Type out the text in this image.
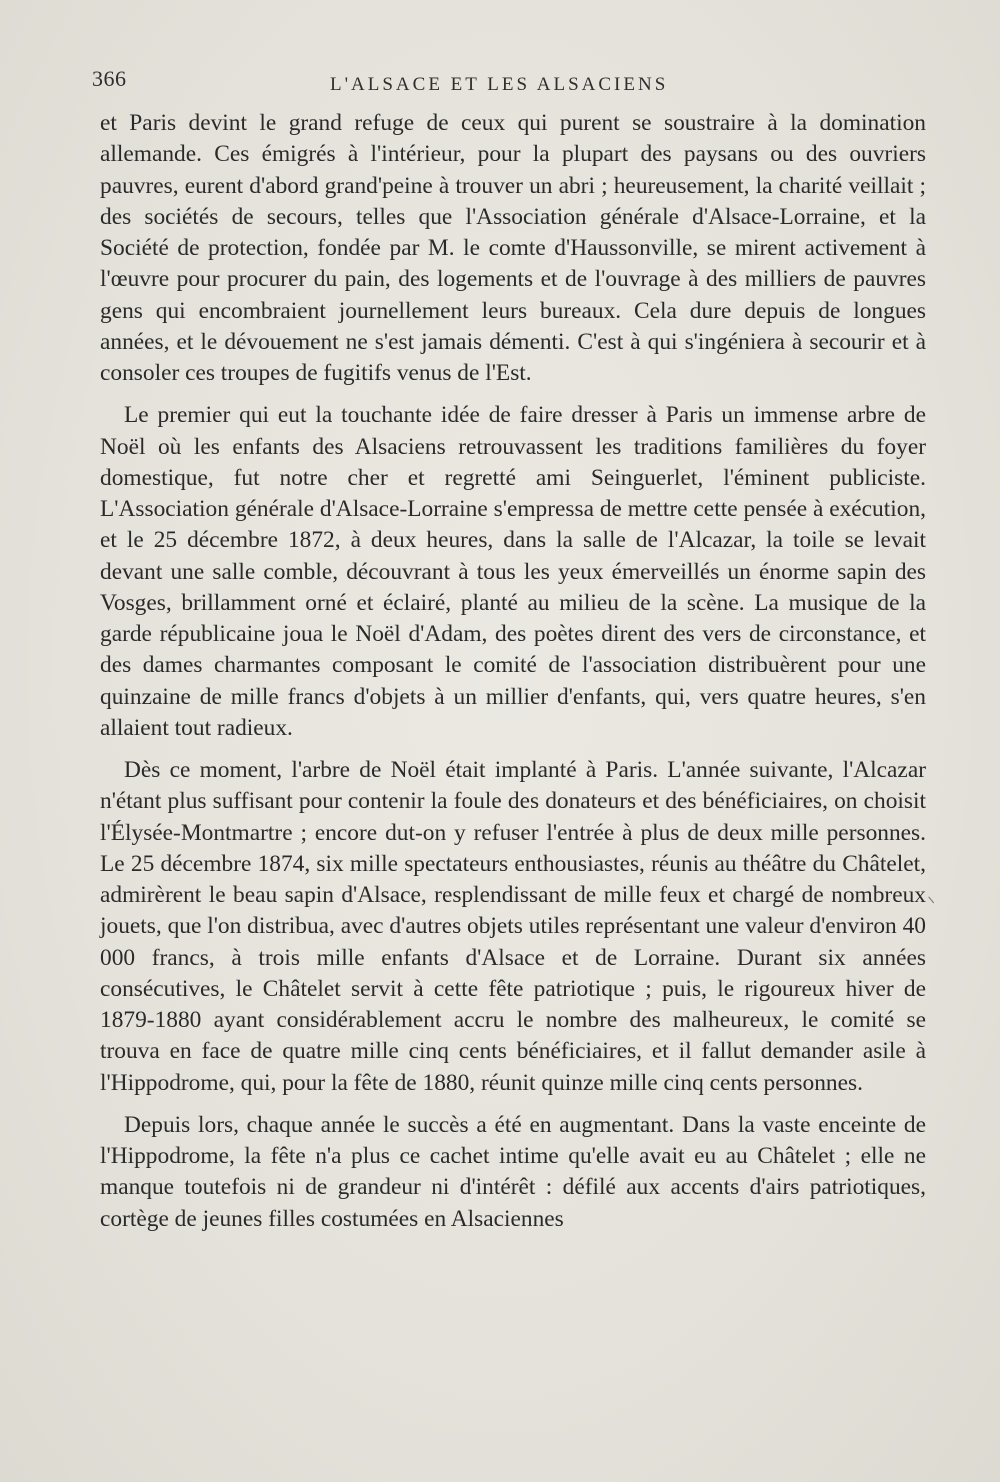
366	L'ALSACE ET LES ALSACIENS

et Paris devint le grand refuge de ceux qui purent se soustraire à la domination allemande. Ces émigrés à l'intérieur, pour la plupart des paysans ou des ouvriers pauvres, eurent d'abord grand'peine à trouver un abri ; heureusement, la charité veillait ; des sociétés de secours, telles que l'Association générale d'Alsace-Lorraine, et la Société de protection, fondée par M. le comte d'Haussonville, se mirent activement à l'œuvre pour procurer du pain, des logements et de l'ouvrage à des milliers de pauvres gens qui encombraient journellement leurs bureaux. Cela dure depuis de longues années, et le dévouement ne s'est jamais démenti. C'est à qui s'ingéniera à secourir et à consoler ces troupes de fugitifs venus de l'Est.

Le premier qui eut la touchante idée de faire dresser à Paris un immense arbre de Noël où les enfants des Alsaciens retrouvassent les traditions familières du foyer domestique, fut notre cher et regretté ami Seinguerlet, l'éminent publiciste. L'Association générale d'Alsace-Lorraine s'empressa de mettre cette pensée à exécution, et le 25 décembre 1872, à deux heures, dans la salle de l'Alcazar, la toile se levait devant une salle comble, découvrant à tous les yeux émerveillés un énorme sapin des Vosges, brillamment orné et éclairé, planté au milieu de la scène. La musique de la garde républicaine joua le Noël d'Adam, des poètes dirent des vers de circonstance, et des dames charmantes composant le comité de l'association distribuèrent pour une quinzaine de mille francs d'objets à un millier d'enfants, qui, vers quatre heures, s'en allaient tout radieux.

Dès ce moment, l'arbre de Noël était implanté à Paris. L'année suivante, l'Alcazar n'étant plus suffisant pour contenir la foule des donateurs et des bénéficiaires, on choisit l'Élysée-Montmartre ; encore dut-on y refuser l'entrée à plus de deux mille personnes. Le 25 décembre 1874, six mille spectateurs enthousiastes, réunis au théâtre du Châtelet, admirèrent le beau sapin d'Alsace, resplendissant de mille feux et chargé de nombreux jouets, que l'on distribua, avec d'autres objets utiles représentant une valeur d'environ 40 000 francs, à trois mille enfants d'Alsace et de Lorraine. Durant six années consécutives, le Châtelet servit à cette fête patriotique ; puis, le rigoureux hiver de 1879-1880 ayant considérablement accru le nombre des malheureux, le comité se trouva en face de quatre mille cinq cents bénéficiaires, et il fallut demander asile à l'Hippodrome, qui, pour la fête de 1880, réunit quinze mille cinq cents personnes.

Depuis lors, chaque année le succès a été en augmentant. Dans la vaste enceinte de l'Hippodrome, la fête n'a plus ce cachet intime qu'elle avait eu au Châtelet ; elle ne manque toutefois ni de grandeur ni d'intérêt : défilé aux accents d'airs patriotiques, cortège de jeunes filles costumées en Alsaciennes
